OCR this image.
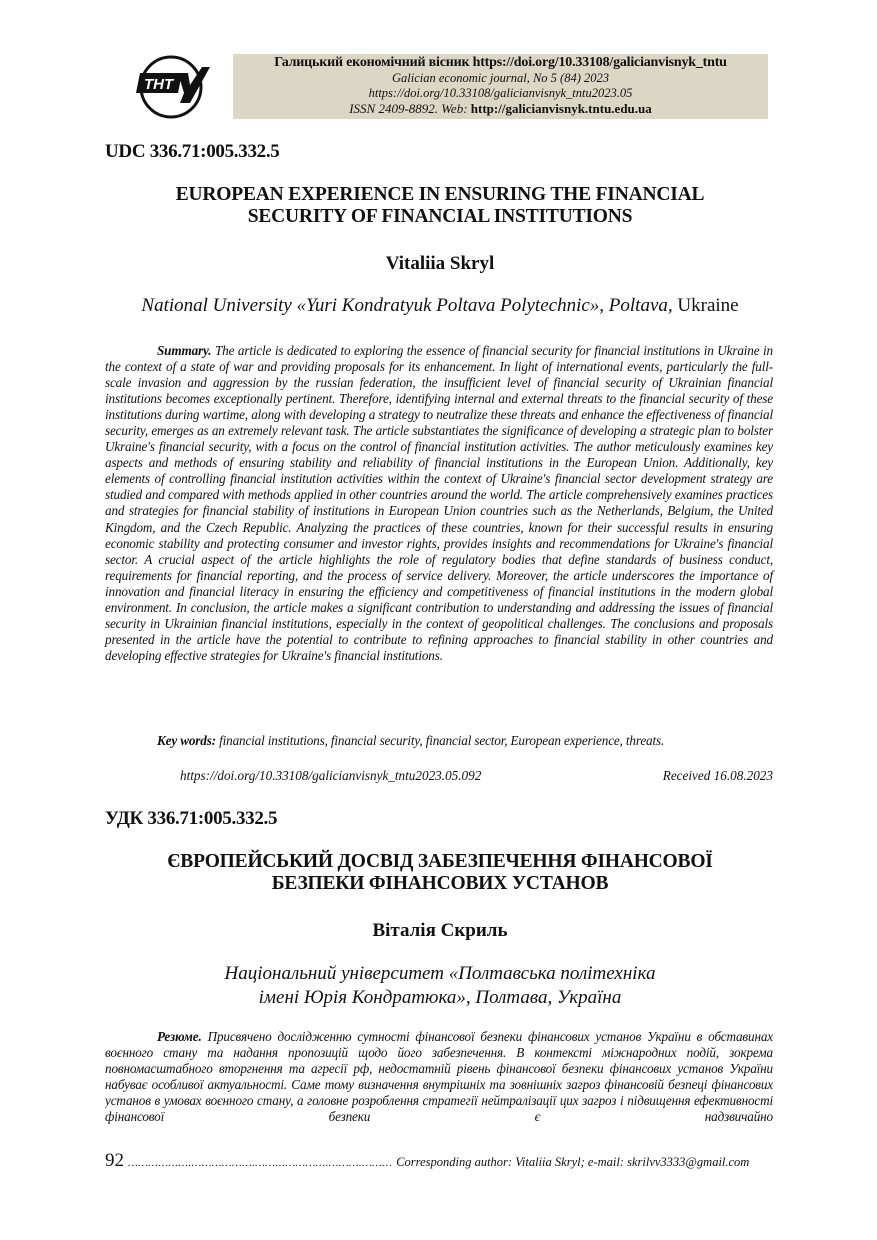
THT
Галицький економічний вісник https://doi.org/10.33108/galicianvisnyk_tntu
Galician economic journal, No 5 (84) 2023
https://doi.org/10.33108/galicianvisnyk_tntu2023.05
ISSN 2409-8892. Web: http://galicianvisnyk.tntu.edu.ua
UDC 336.71:005.332.5
EUROPEAN EXPERIENCE IN ENSURING THE FINANCIAL
SECURITY OF FINANCIAL INSTITUTIONS
Vitaliia Skryl
National University «Yuri Kondratyuk Poltava Polytechnic», Poltava, Ukraine
Summary. The article is dedicated to exploring the essence of financial security for financial institutions in Ukraine in the context of a state of war and providing proposals for its enhancement. In light of international events, particularly the full-scale invasion and aggression by the russian federation, the insufficient level of financial security of Ukrainian financial institutions becomes exceptionally pertinent. Therefore, identifying internal and external threats to the financial security of these institutions during wartime, along with developing a strategy to neutralize these threats and enhance the effectiveness of financial security, emerges as an extremely relevant task. The article substantiates the significance of developing a strategic plan to bolster Ukraine's financial security, with a focus on the control of financial institution activities. The author meticulously examines key aspects and methods of ensuring stability and reliability of financial institutions in the European Union. Additionally, key elements of controlling financial institution activities within the context of Ukraine's financial sector development strategy are studied and compared with methods applied in other countries around the world. The article comprehensively examines practices and strategies for financial stability of institutions in European Union countries such as the Netherlands, Belgium, the United Kingdom, and the Czech Republic. Analyzing the practices of these countries, known for their successful results in ensuring economic stability and protecting consumer and investor rights, provides insights and recommendations for Ukraine's financial sector. A crucial aspect of the article highlights the role of regulatory bodies that define standards of business conduct, requirements for financial reporting, and the process of service delivery. Moreover, the article underscores the importance of innovation and financial literacy in ensuring the efficiency and competitiveness of financial institutions in the modern global environment. In conclusion, the article makes a significant contribution to understanding and addressing the issues of financial security in Ukrainian financial institutions, especially in the context of geopolitical challenges. The conclusions and proposals presented in the article have the potential to contribute to refining approaches to financial stability in other countries and developing effective strategies for Ukraine's financial institutions.
Key words: financial institutions, financial security, financial sector, European experience, threats.
https://doi.org/10.33108/galicianvisnyk_tntu2023.05.092	Received 16.08.2023
УДК 336.71:005.332.5
ЄВРОПЕЙСЬКИЙ ДОСВІД ЗАБЕЗПЕЧЕННЯ ФІНАНСОВОЇ
БЕЗПЕКИ ФІНАНСОВИХ УСТАНОВ
Віталія Скриль
Національний університет «Полтавська політехніка
імені Юрія Кондратюка», Полтава, Україна
Резюме. Присвячено дослідженню сутності фінансової безпеки фінансових установ України в обставинах воєнного стану та надання пропозицій щодо його забезпечення. В контексті міжнародних подій, зокрема повномасштабного вторгнення та агресії рф, недостатній рівень фінансової безпеки фінансових установ України набуває особливої актуальності. Саме тому визначення внутрішніх та зовнішніх загроз фінансовій безпеці фінансових установ в умовах воєнного стану, а головне розроблення стратегії нейтралізації цих загроз і підвищення ефективності фінансової безпеки є надзвичайно
92 ……………….……………….………………….……….……… Corresponding author: Vitaliia Skryl; e-mail: skrilvv3333@gmail.com
